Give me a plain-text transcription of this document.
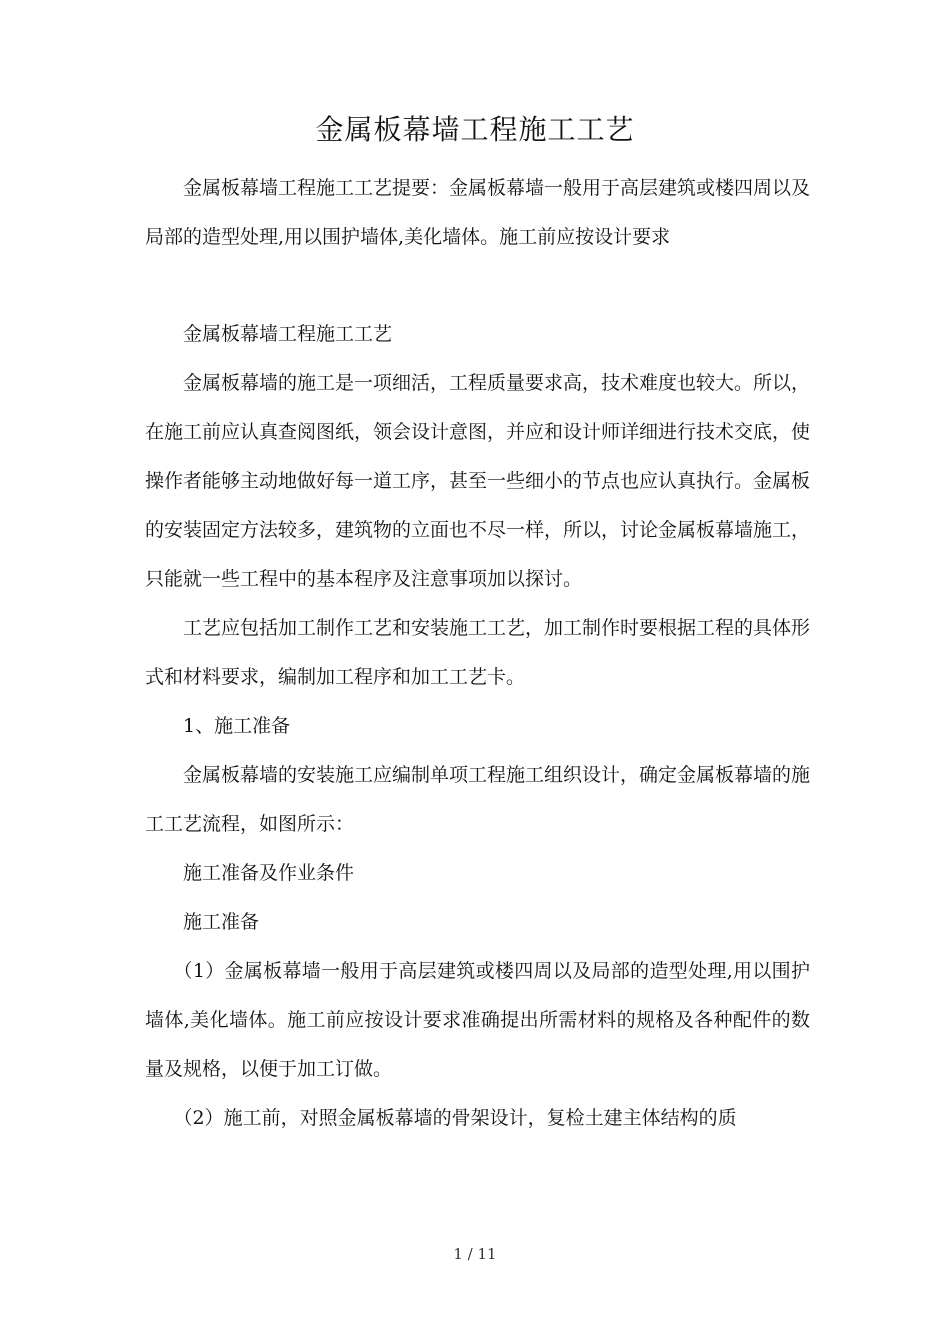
金属板幕墙工程施工工艺

金属板幕墙工程施工工艺提要：金属板幕墙一般用于高层建筑或楼四周以及局部的造型处理,用以围护墙体,美化墙体。施工前应按设计要求

金属板幕墙工程施工工艺

金属板幕墙的施工是一项细活，工程质量要求高，技术难度也较大。所以，在施工前应认真查阅图纸，领会设计意图，并应和设计师详细进行技术交底，使操作者能够主动地做好每一道工序，甚至一些细小的节点也应认真执行。金属板的安装固定方法较多，建筑物的立面也不尽一样，所以，讨论金属板幕墙施工，只能就一些工程中的基本程序及注意事项加以探讨。

工艺应包括加工制作工艺和安装施工工艺，加工制作时要根据工程的具体形式和材料要求，编制加工程序和加工工艺卡。

1、施工准备

金属板幕墙的安装施工应编制单项工程施工组织设计，确定金属板幕墙的施工工艺流程，如图所示：

施工准备及作业条件

施工准备

（1）金属板幕墙一般用于高层建筑或楼四周以及局部的造型处理,用以围护墙体,美化墙体。施工前应按设计要求准确提出所需材料的规格及各种配件的数量及规格，以便于加工订做。

（2）施工前，对照金属板幕墙的骨架设计，复检土建主体结构的质

1 / 11
